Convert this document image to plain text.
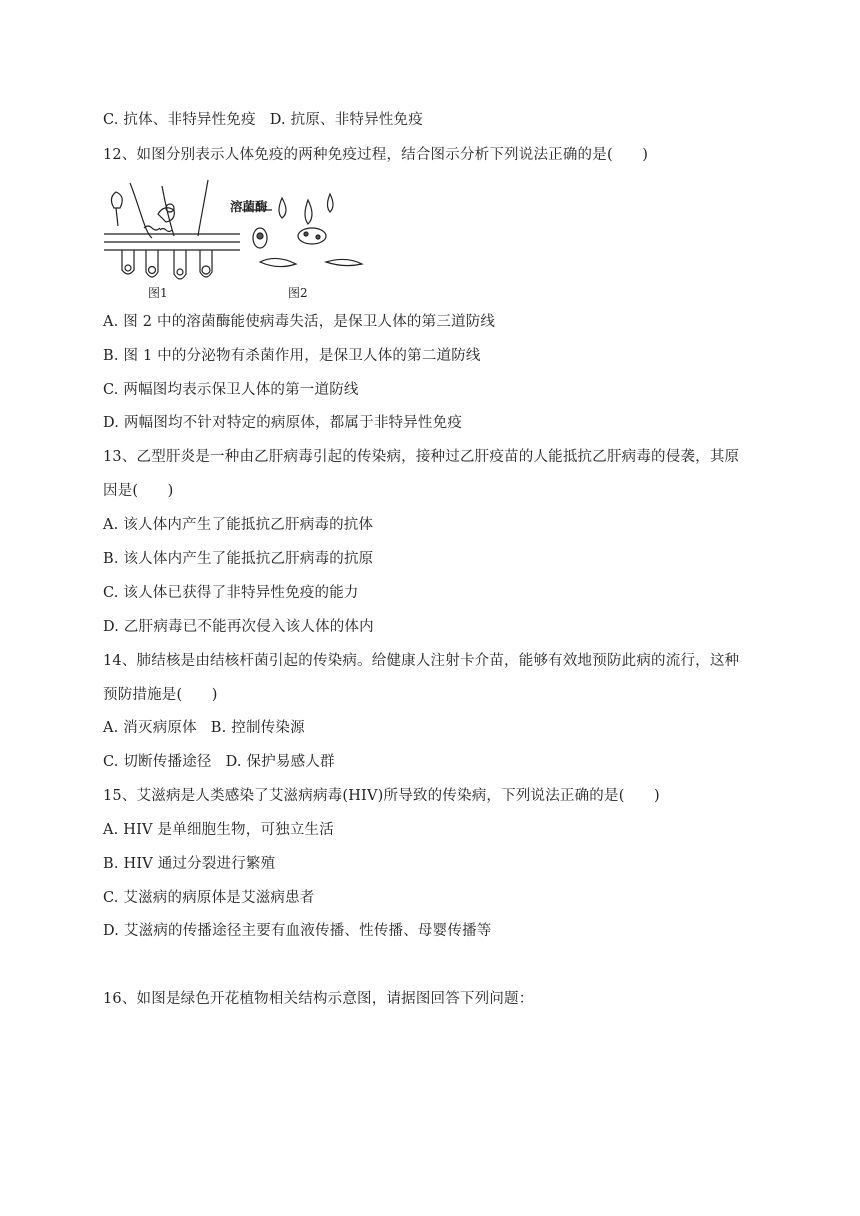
C. 抗体、非特异性免疫 D. 抗原、非特异性免疫
12、如图分别表示人体免疫的两种免疫过程，结合图示分析下列说法正确的是(　　)
溶菌酶
图1	图2
A. 图 2 中的溶菌酶能使病毒失活，是保卫人体的第三道防线
B. 图 1 中的分泌物有杀菌作用，是保卫人体的第二道防线
C. 两幅图均表示保卫人体的第一道防线
D. 两幅图均不针对特定的病原体，都属于非特异性免疫
13、乙型肝炎是一种由乙肝病毒引起的传染病，接种过乙肝疫苗的人能抵抗乙肝病毒的侵袭，其原
因是(　　)
A. 该人体内产生了能抵抗乙肝病毒的抗体
B. 该人体内产生了能抵抗乙肝病毒的抗原
C. 该人体已获得了非特异性免疫的能力
D. 乙肝病毒已不能再次侵入该人体的体内
14、肺结核是由结核杆菌引起的传染病。给健康人注射卡介苗，能够有效地预防此病的流行，这种
预防措施是(　　)
A. 消灭病原体 B. 控制传染源
C. 切断传播途径 D. 保护易感人群
15、艾滋病是人类感染了艾滋病病毒(HIV)所导致的传染病，下列说法正确的是(　　)
A. HIV 是单细胞生物，可独立生活
B. HIV 通过分裂进行繁殖
C. 艾滋病的病原体是艾滋病患者
D. 艾滋病的传播途径主要有血液传播、性传播、母婴传播等
16、如图是绿色开花植物相关结构示意图，请据图回答下列问题：
